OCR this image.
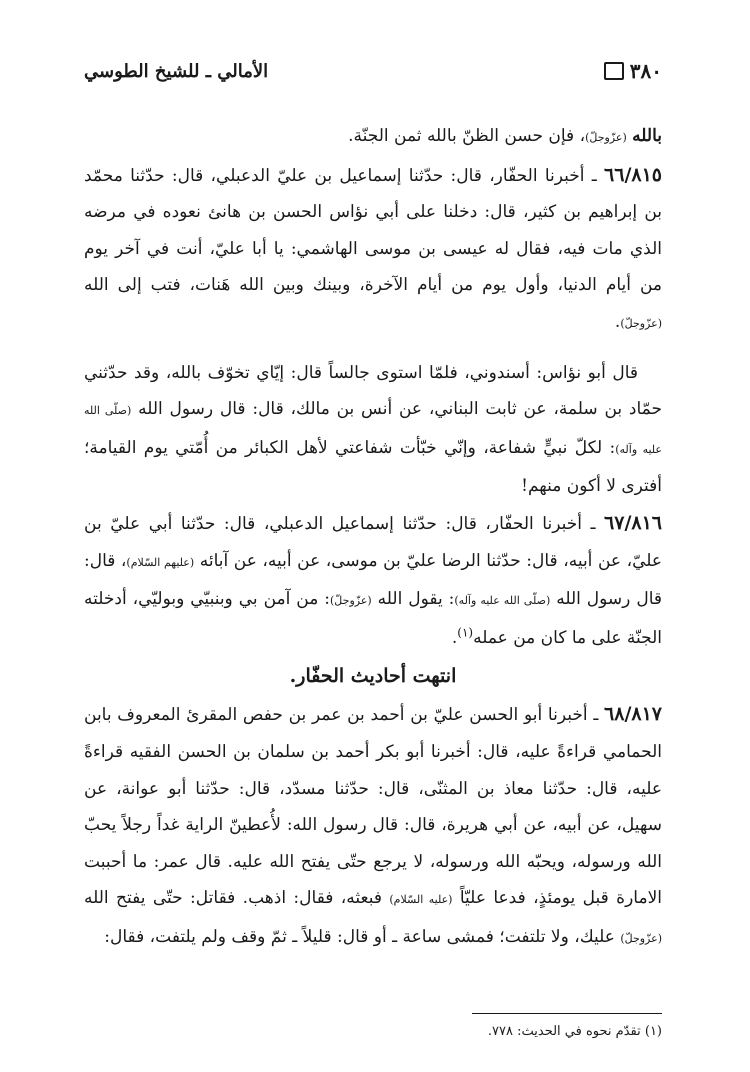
٣٨٠
الأمالي ـ للشيخ الطوسي

بالله (عزّوجلّ)، فإن حسن الظنّ بالله ثمن الجنّة.

٦٦/٨١٥ ـ أخبرنا الحفّار، قال: حدّثنا إسماعيل بن عليّ الدعبلي، قال: حدّثنا محمّد بن إبراهيم بن كثير، قال: دخلنا على أبي نؤاس الحسن بن هانئ نعوده في مرضه الذي مات فيه، فقال له عيسى بن موسى الهاشمي: يا أبا عليّ، أنت في آخر يوم من أيام الدنيا، وأول يوم من أيام الآخرة، وبينك وبين الله هَنات، فتب إلى الله (عزّوجلّ).

قال أبو نؤاس: أسندوني، فلمّا استوى جالساً قال: إيّاي تخوّف بالله، وقد حدّثني حمّاد بن سلمة، عن ثابت البناني، عن أنس بن مالك، قال: قال رسول الله (صلّى الله عليه وآله): لكلّ نبيٍّ شفاعة، وإنّي خبّأت شفاعتي لأهل الكبائر من أُمّتي يوم القيامة؛ أفترى لا أكون منهم!

٦٧/٨١٦ ـ أخبرنا الحفّار، قال: حدّثنا إسماعيل الدعبلي، قال: حدّثنا أبي عليّ بن عليّ، عن أبيه، قال: حدّثنا الرضا عليّ بن موسى، عن أبيه، عن آبائه (عليهم السّلام)، قال: قال رسول الله (صلّى الله عليه وآله): يقول الله (عزّوجلّ): من آمن بي وبنبيّي وبوليّي، أدخلته الجنّة على ما كان من عمله$^{(١)}$.

انتهت أحاديث الحفّار.

٦٨/٨١٧ ـ أخبرنا أبو الحسن عليّ بن أحمد بن عمر بن حفص المقرئ المعروف بابن الحمامي قراءةً عليه، قال: أخبرنا أبو بكر أحمد بن سلمان بن الحسن الفقيه قراءةً عليه، قال: حدّثنا معاذ بن المثنّى، قال: حدّثنا مسدّد، قال: حدّثنا أبو عوانة، عن سهيل، عن أبيه، عن أبي هريرة، قال: قال رسول الله: لأُعطينّ الراية غداً رجلاً يحبّ الله ورسوله، ويحبّه الله ورسوله، لا يرجع حتّى يفتح الله عليه. قال عمر: ما أحببت الامارة قبل يومئذٍ، فدعا عليّاً (عليه السّلام) فبعثه، فقال: اذهب. فقاتل: حتّى يفتح الله (عزّوجلّ) عليك، ولا تلتفت؛ فمشى ساعة ـ أو قال: قليلاً ـ ثمّ وقف ولم يلتفت، فقال:

(١) تقدّم نحوه في الحديث: ٧٧٨.
